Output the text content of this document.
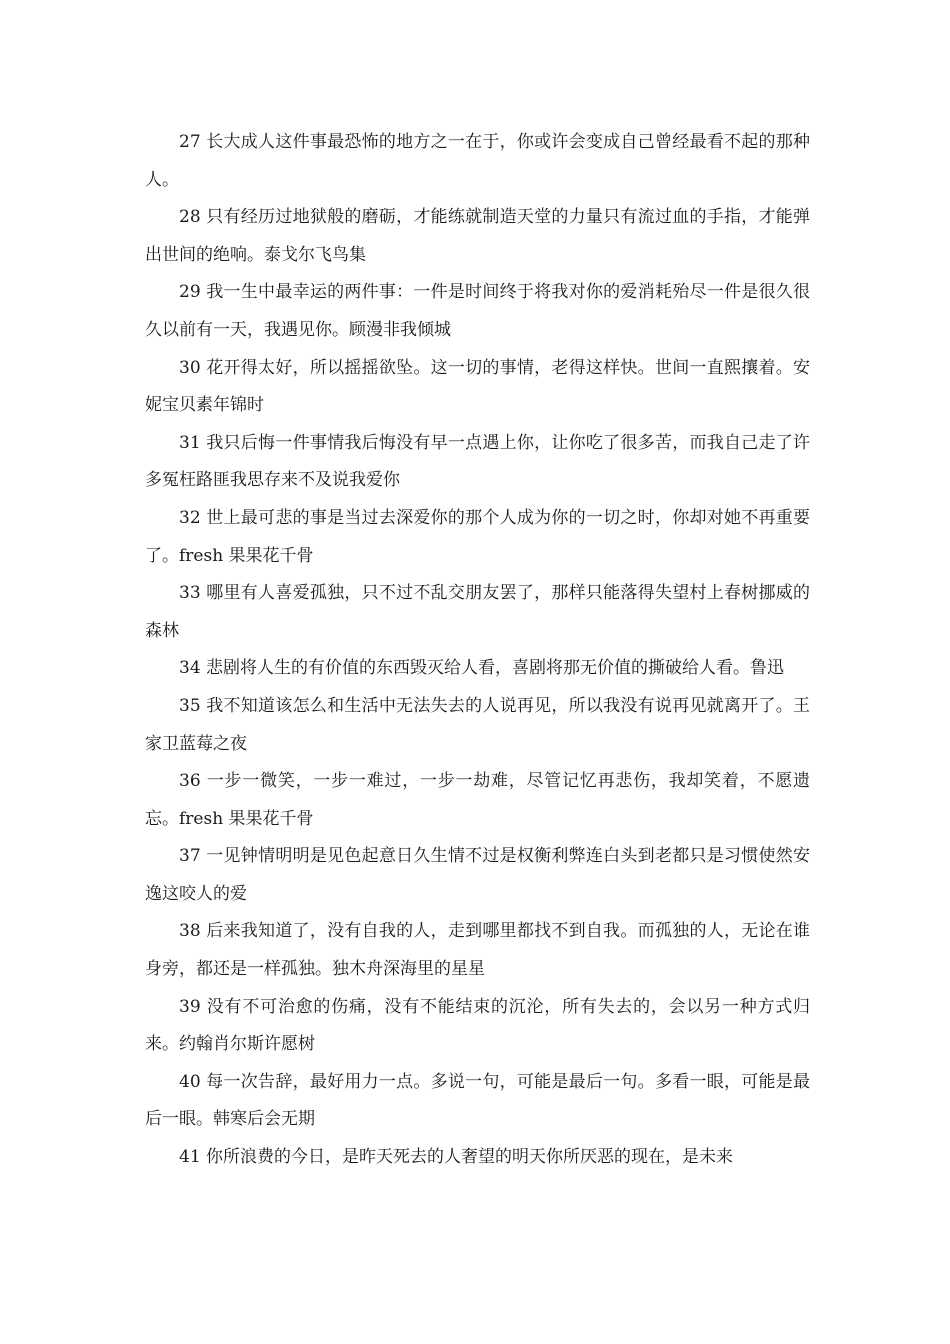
27 长大成人这件事最恐怖的地方之一在于，你或许会变成自己曾经最看不起的那种人。

28 只有经历过地狱般的磨砺，才能练就制造天堂的力量只有流过血的手指，才能弹出世间的绝响。泰戈尔飞鸟集

29 我一生中最幸运的两件事：一件是时间终于将我对你的爱消耗殆尽一件是很久很久以前有一天，我遇见你。顾漫非我倾城

30 花开得太好，所以摇摇欲坠。这一切的事情，老得这样快。世间一直熙攘着。安妮宝贝素年锦时

31 我只后悔一件事情我后悔没有早一点遇上你，让你吃了很多苦，而我自己走了许多冤枉路匪我思存来不及说我爱你

32 世上最可悲的事是当过去深爱你的那个人成为你的一切之时，你却对她不再重要了。fresh 果果花千骨

33 哪里有人喜爱孤独，只不过不乱交朋友罢了，那样只能落得失望村上春树挪威的森林

34 悲剧将人生的有价值的东西毁灭给人看，喜剧将那无价值的撕破给人看。鲁迅

35 我不知道该怎么和生活中无法失去的人说再见，所以我没有说再见就离开了。王家卫蓝莓之夜

36 一步一微笑，一步一难过，一步一劫难，尽管记忆再悲伤，我却笑着，不愿遗忘。fresh 果果花千骨

37 一见钟情明明是见色起意日久生情不过是权衡利弊连白头到老都只是习惯使然安逸这咬人的爱

38 后来我知道了，没有自我的人，走到哪里都找不到自我。而孤独的人，无论在谁身旁，都还是一样孤独。独木舟深海里的星星

39 没有不可治愈的伤痛，没有不能结束的沉沦，所有失去的，会以另一种方式归来。约翰肖尔斯许愿树

40 每一次告辞，最好用力一点。多说一句，可能是最后一句。多看一眼，可能是最后一眼。韩寒后会无期

41 你所浪费的今日，是昨天死去的人奢望的明天你所厌恶的现在，是未来
